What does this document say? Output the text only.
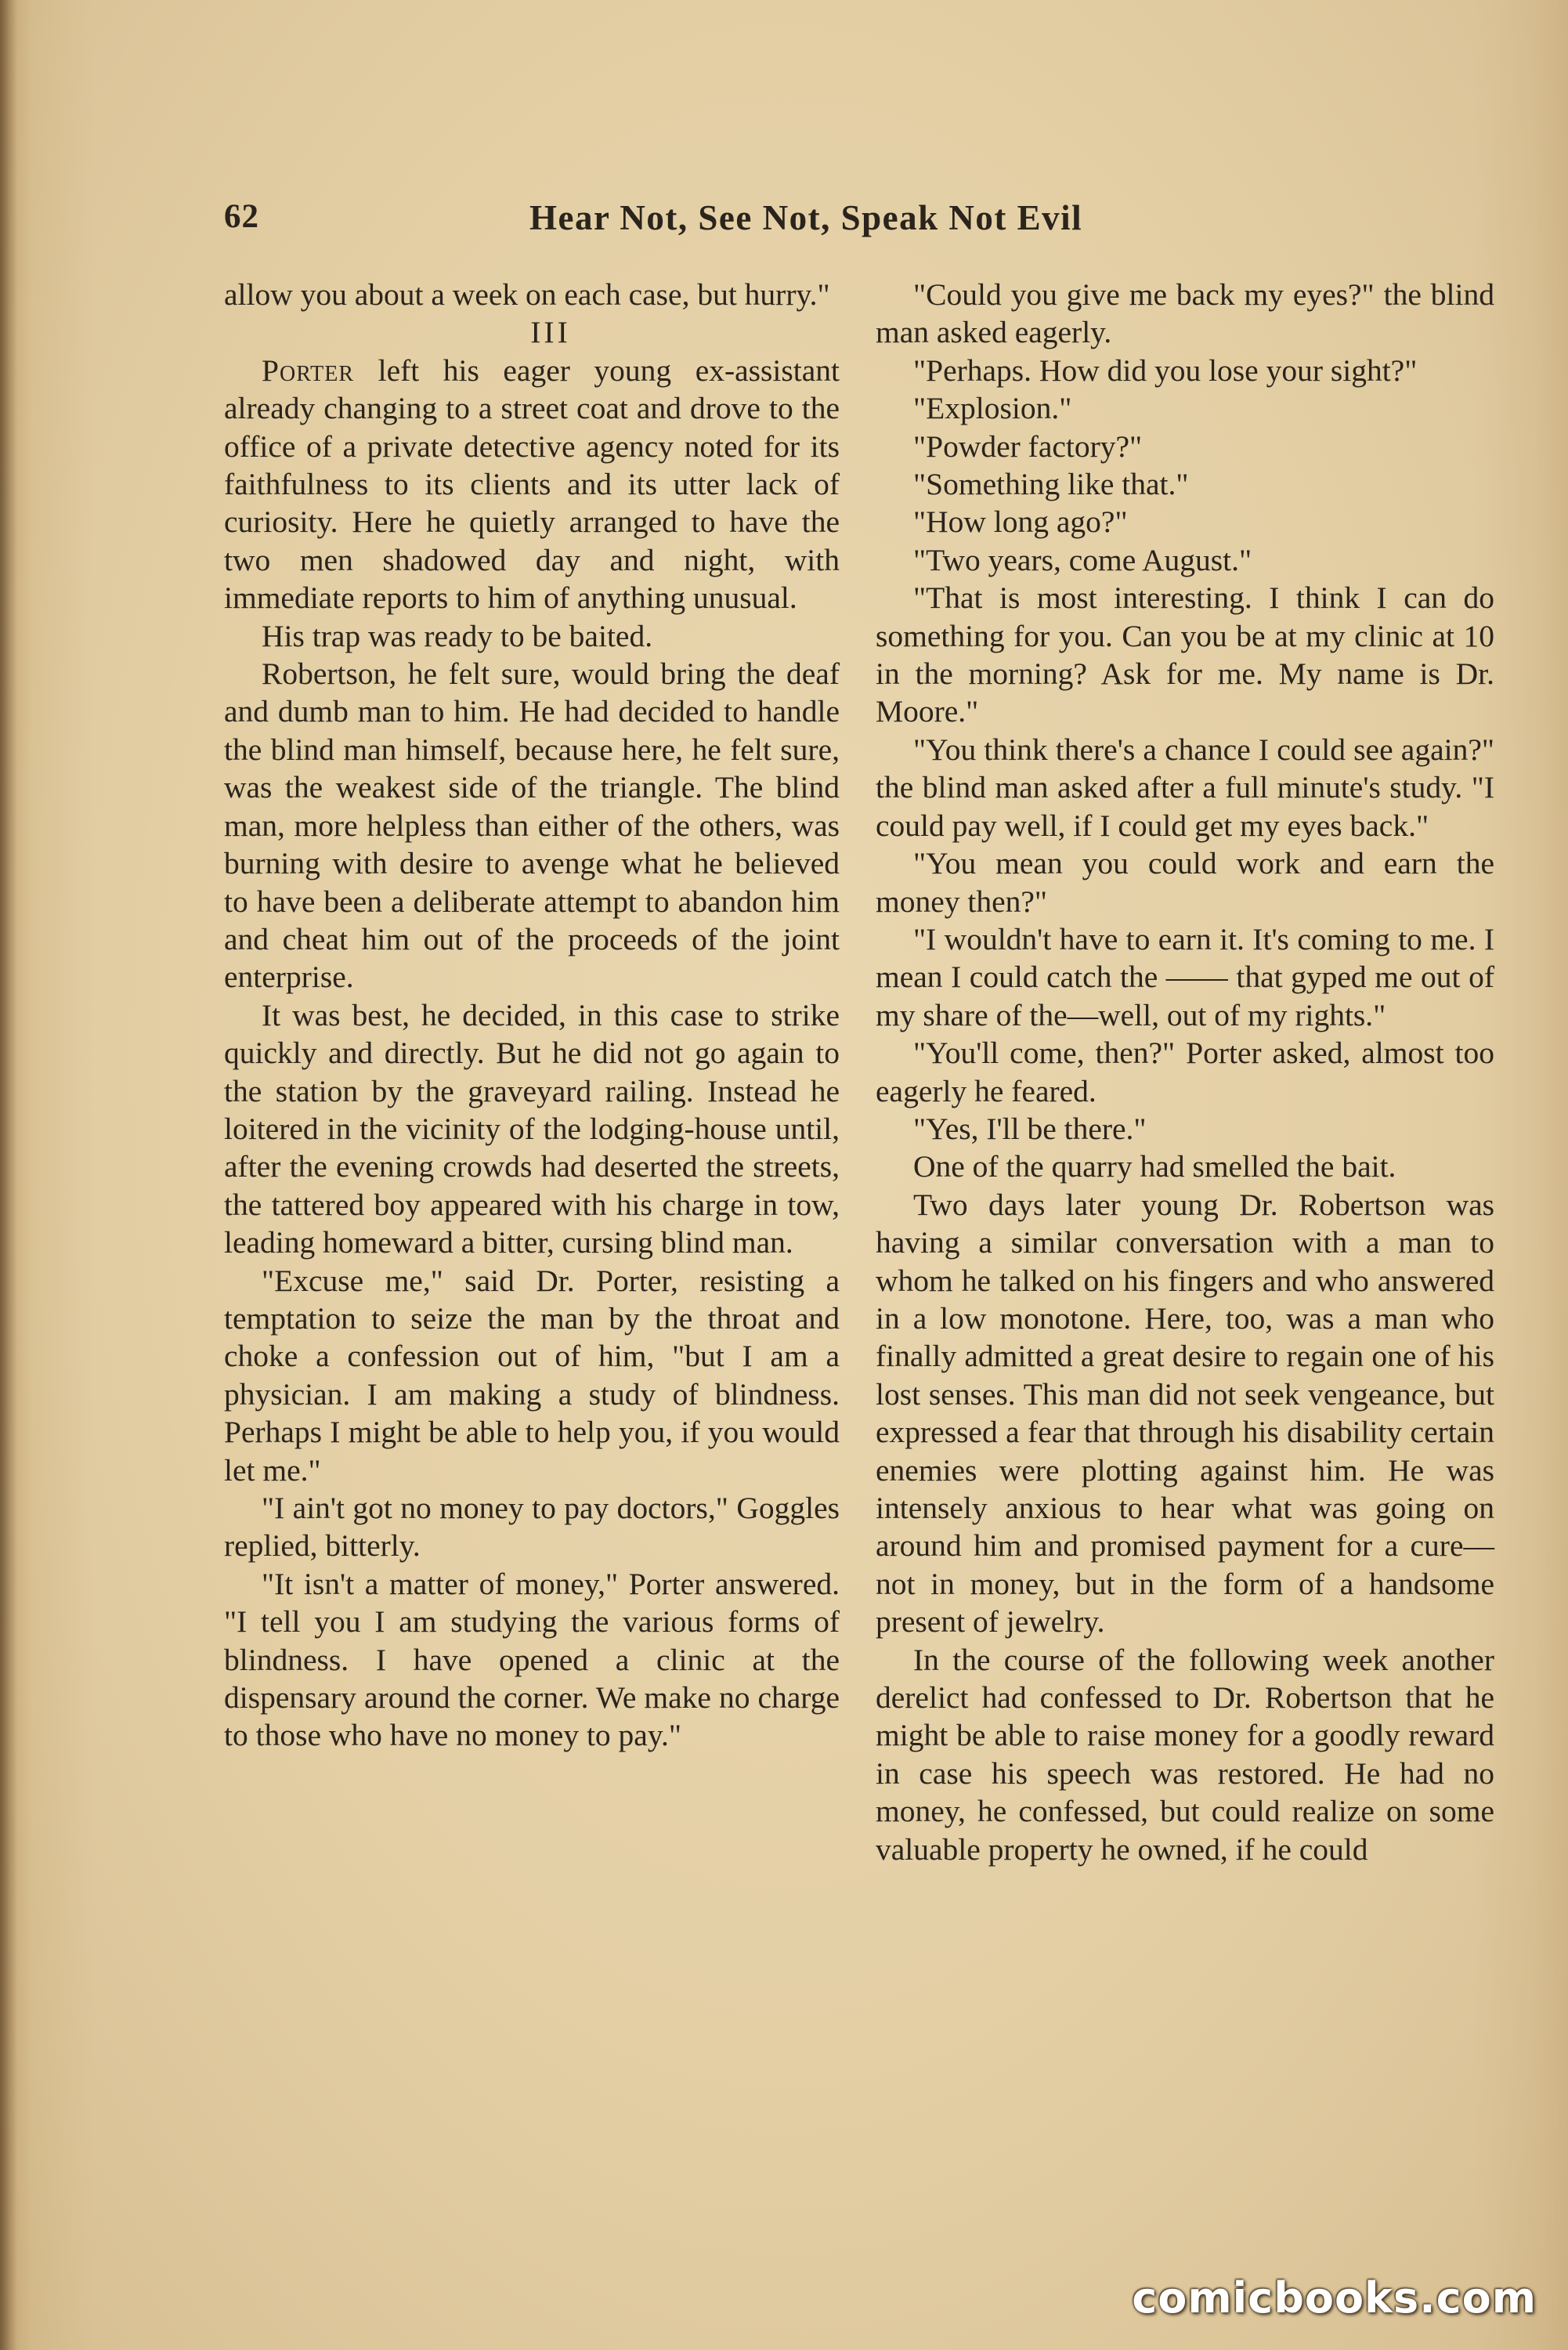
62	Hear Not, See Not, Speak Not Evil

allow you about a week on each case, but hurry."

III

Porter left his eager young ex-assistant already changing to a street coat and drove to the office of a private detective agency noted for its faithfulness to its clients and its utter lack of curiosity. Here he quietly arranged to have the two men shadowed day and night, with immediate reports to him of anything unusual.

His trap was ready to be baited.

Robertson, he felt sure, would bring the deaf and dumb man to him. He had decided to handle the blind man himself, because here, he felt sure, was the weakest side of the triangle. The blind man, more helpless than either of the others, was burning with desire to avenge what he believed to have been a deliberate attempt to abandon him and cheat him out of the proceeds of the joint enterprise.

It was best, he decided, in this case to strike quickly and directly. But he did not go again to the station by the graveyard railing. Instead he loitered in the vicinity of the lodging-house until, after the evening crowds had deserted the streets, the tattered boy appeared with his charge in tow, leading homeward a bitter, cursing blind man.

"Excuse me," said Dr. Porter, resisting a temptation to seize the man by the throat and choke a confession out of him, "but I am a physician. I am making a study of blindness. Perhaps I might be able to help you, if you would let me."

"I ain't got no money to pay doctors," Goggles replied, bitterly.

"It isn't a matter of money," Porter answered. "I tell you I am studying the various forms of blindness. I have opened a clinic at the dispensary around the corner. We make no charge to those who have no money to pay."

"Could you give me back my eyes?" the blind man asked eagerly.

"Perhaps. How did you lose your sight?"

"Explosion."

"Powder factory?"

"Something like that."

"How long ago?"

"Two years, come August."

"That is most interesting. I think I can do something for you. Can you be at my clinic at 10 in the morning? Ask for me. My name is Dr. Moore."

"You think there's a chance I could see again?" the blind man asked after a full minute's study. "I could pay well, if I could get my eyes back."

"You mean you could work and earn the money then?"

"I wouldn't have to earn it. It's coming to me. I mean I could catch the —— that gyped me out of my share of the—well, out of my rights."

"You'll come, then?" Porter asked, almost too eagerly he feared.

"Yes, I'll be there."

One of the quarry had smelled the bait.

Two days later young Dr. Robertson was having a similar conversation with a man to whom he talked on his fingers and who answered in a low monotone. Here, too, was a man who finally admitted a great desire to regain one of his lost senses. This man did not seek vengeance, but expressed a fear that through his disability certain enemies were plotting against him. He was intensely anxious to hear what was going on around him and promised payment for a cure—not in money, but in the form of a handsome present of jewelry.

In the course of the following week another derelict had confessed to Dr. Robertson that he might be able to raise money for a goodly reward in case his speech was restored. He had no money, he confessed, but could realize on some valuable property he owned, if he could

comicbooks.com
